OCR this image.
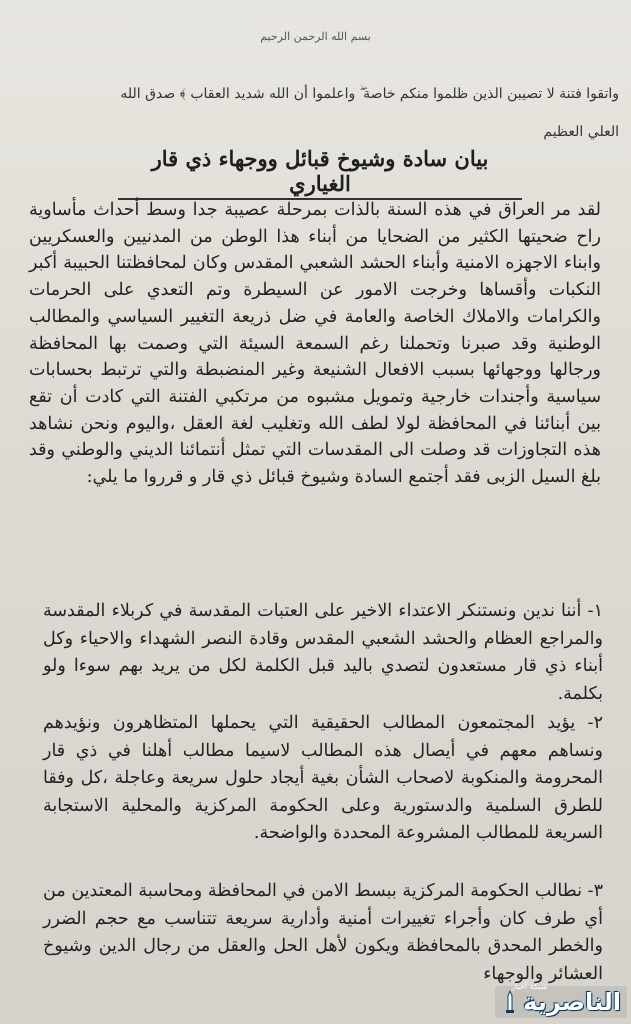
بسم الله الرحمن الرحيم
واتقوا فتنة لا تصيبن الذين ظلموا منكم خاصة ۖ واعلموا أن الله شديد العقاب ﴾ صدق الله
العلي العظيم
بيان سادة وشيوخ قبائل ووجهاء ذي قار الغياري
لقد مر العراق في هذه السنة بالذات بمرحلة عصيبة جدا وسط أحداث مأساوية راح ضحيتها الكثير من الضحايا من أبناء هذا الوطن من المدنيين والعسكريين وابناء الاجهزه الامنية وأبناء الحشد الشعبي المقدس وكان لمحافظتنا الحبيبة أكبر النكبات وأقساها وخرجت الامور عن السيطرة وتم التعدي على الحرمات والكرامات والاملاك الخاصة والعامة في ضل ذريعة التغيير السياسي والمطالب الوطنية وقد صبرنا وتحملنا رغم السمعة السيئة التي وصمت بها المحافظة ورجالها ووجهائها بسبب الافعال الشنيعة وغير المنضبطة والتي ترتبط بحسابات سياسية وأجندات خارجية وتمويل مشبوه من مرتكبي الفتنة التي كادت أن تقع بين أبنائنا في المحافظة لولا لطف الله وتغليب لغة العقل ،واليوم ونحن نشاهد هذه التجاوزات قد وصلت الى المقدسات التي تمثل أنتمائنا الديني والوطني وقد بلغ السيل الزبى فقد أجتمع السادة وشيوخ قبائل ذي قار و قرروا ما يلي:
١- أننا ندين ونستنكر الاعتداء الاخير على العتبات المقدسة في كربلاء المقدسة والمراجع العظام والحشد الشعبي المقدس وقادة النصر الشهداء والاحياء وكل أبناء ذي قار مستعدون لتصدي باليد قبل الكلمة لكل من يريد بهم سوءا ولو بكلمة.
٢- يؤيد المجتمعون المطالب الحقيقية التي يحملها المتظاهرون ونؤيدهم ونساهم معهم في أيصال هذه المطالب لاسيما مطالب أهلنا في ذي قار المحرومة والمنكوبة لاصحاب الشأن بغية أيجاد حلول سريعة وعاجلة ،كل وفقا للطرق السلمية والدستورية وعلى الحكومة المركزية والمحلية الاستجابة السريعة للمطالب المشروعة المحددة والواضحة.
٣- نطالب الحكومة المركزية ببسط الامن في المحافظة ومحاسبة المعتدين من أي طرف كان وأجراء تغييرات أمنية وأدارية سريعة تتناسب مع حجم الضرر والخطر المحدق بالمحافظة ويكون لأهل الحل والعقل من رجال الدين وشيوخ العشائر والوجهاء
شبكة أخبار
الناصرية
